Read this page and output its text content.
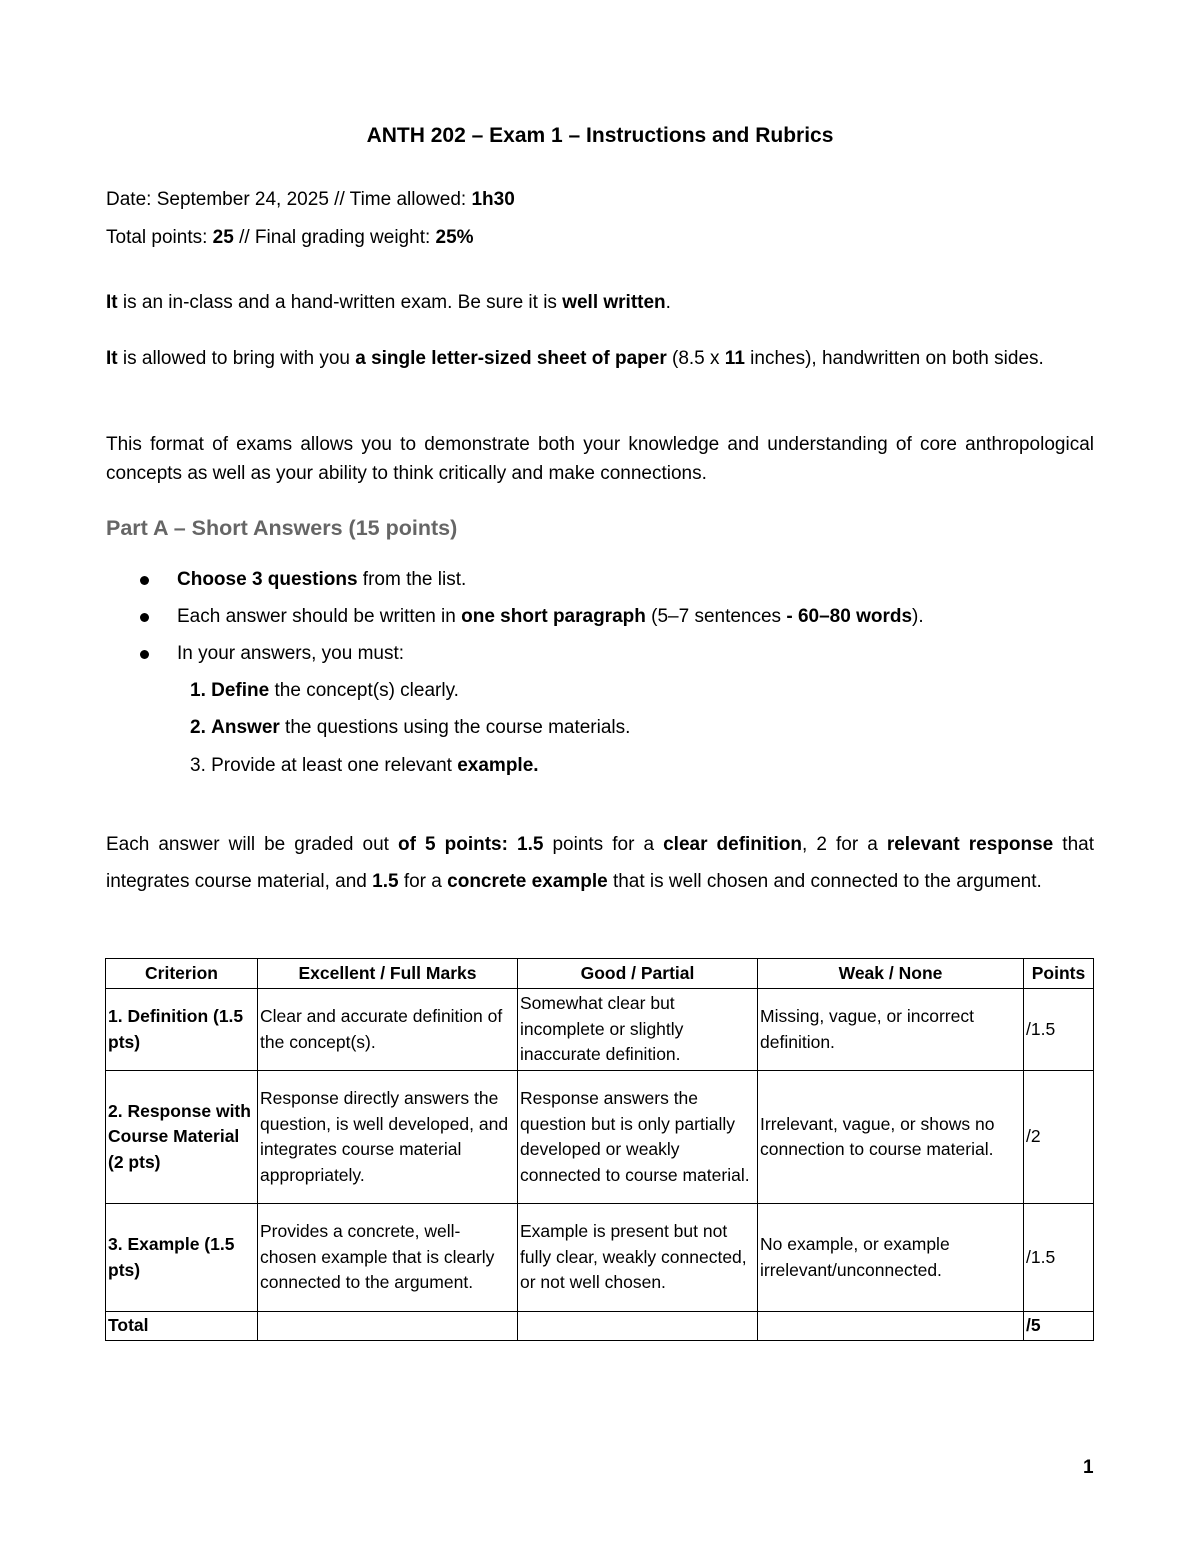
ANTH 202 – Exam 1 – Instructions and Rubrics
Date: September 24, 2025 // Time allowed: 1h30
Total points: 25 // Final grading weight: 25%
It is an in-class and a hand-written exam. Be sure it is well written.
It is allowed to bring with you a single letter-sized sheet of paper (8.5 x 11 inches), handwritten on both sides.
This format of exams allows you to demonstrate both your knowledge and understanding of core anthropological concepts as well as your ability to think critically and make connections.
Part A – Short Answers (15 points)
Choose 3 questions from the list.
Each answer should be written in one short paragraph (5–7 sentences - 60–80 words).
In your answers, you must:
1. Define the concept(s) clearly.
2. Answer the questions using the course materials.
3. Provide at least one relevant example.
Each answer will be graded out of 5 points: 1.5 points for a clear definition, 2 for a relevant response that integrates course material, and 1.5 for a concrete example that is well chosen and connected to the argument.
Criterion	Excellent / Full Marks	Good / Partial	Weak / None	Points
1. Definition (1.5 pts)	Clear and accurate definition of the concept(s).	Somewhat clear but incomplete or slightly inaccurate definition.	Missing, vague, or incorrect definition.	/1.5
2. Response with Course Material (2 pts)	Response directly answers the question, is well developed, and integrates course material appropriately.	Response answers the question but is only partially developed or weakly connected to course material.	Irrelevant, vague, or shows no connection to course material.	/2
3. Example (1.5 pts)	Provides a concrete, well-chosen example that is clearly connected to the argument.	Example is present but not fully clear, weakly connected, or not well chosen.	No example, or example irrelevant/unconnected.	/1.5
Total				/5
1
